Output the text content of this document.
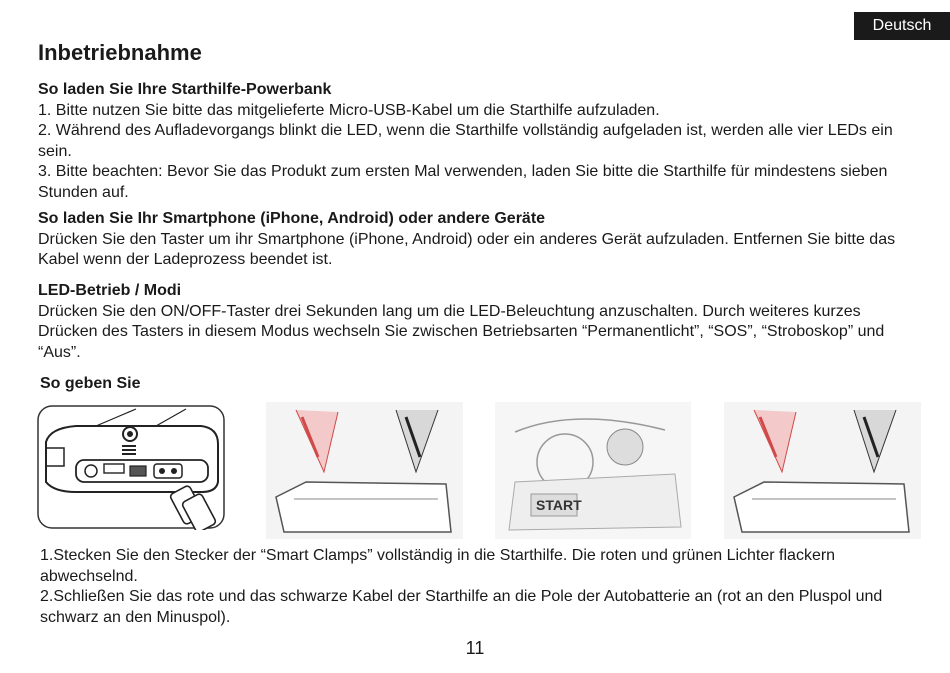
Deutsch
Inbetriebnahme
So laden Sie Ihre Starthilfe-Powerbank

1. Bitte nutzen Sie bitte das mitgelieferte Micro-USB-Kabel um die Starthilfe aufzuladen.

2. Während des Aufladevorgangs blinkt die LED, wenn die Starthilfe vollständig aufgeladen ist, werden alle vier LEDs ein sein.

3. Bitte beachten: Bevor Sie das Produkt zum ersten Mal verwenden, laden Sie bitte die Starthilfe für mindestens sieben Stunden auf.

So laden Sie Ihr Smartphone (iPhone, Android) oder andere Geräte

Drücken Sie den Taster um ihr Smartphone (iPhone, Android) oder ein anderes Gerät aufzuladen. Entfernen Sie bitte das Kabel wenn der Ladeprozess beendet ist.

LED-Betrieb / Modi

Drücken Sie den ON/OFF-Taster drei Sekunden lang um die LED-Beleuchtung anzuschalten. Durch weiteres kurzes Drücken des Tasters in diesem Modus wechseln Sie zwischen Betriebsarten “Permanentlicht”, “SOS”, “Stroboskop” und “Aus”.

So geben Sie
START

1.Stecken Sie den Stecker der “Smart Clamps” vollständig in die Starthilfe. Die roten und grünen Lichter flackern abwechselnd.

2.Schließen Sie das rote und das schwarze Kabel der Starthilfe an die Pole der Autobatterie an (rot an den Pluspol und schwarz an den Minuspol).

11
